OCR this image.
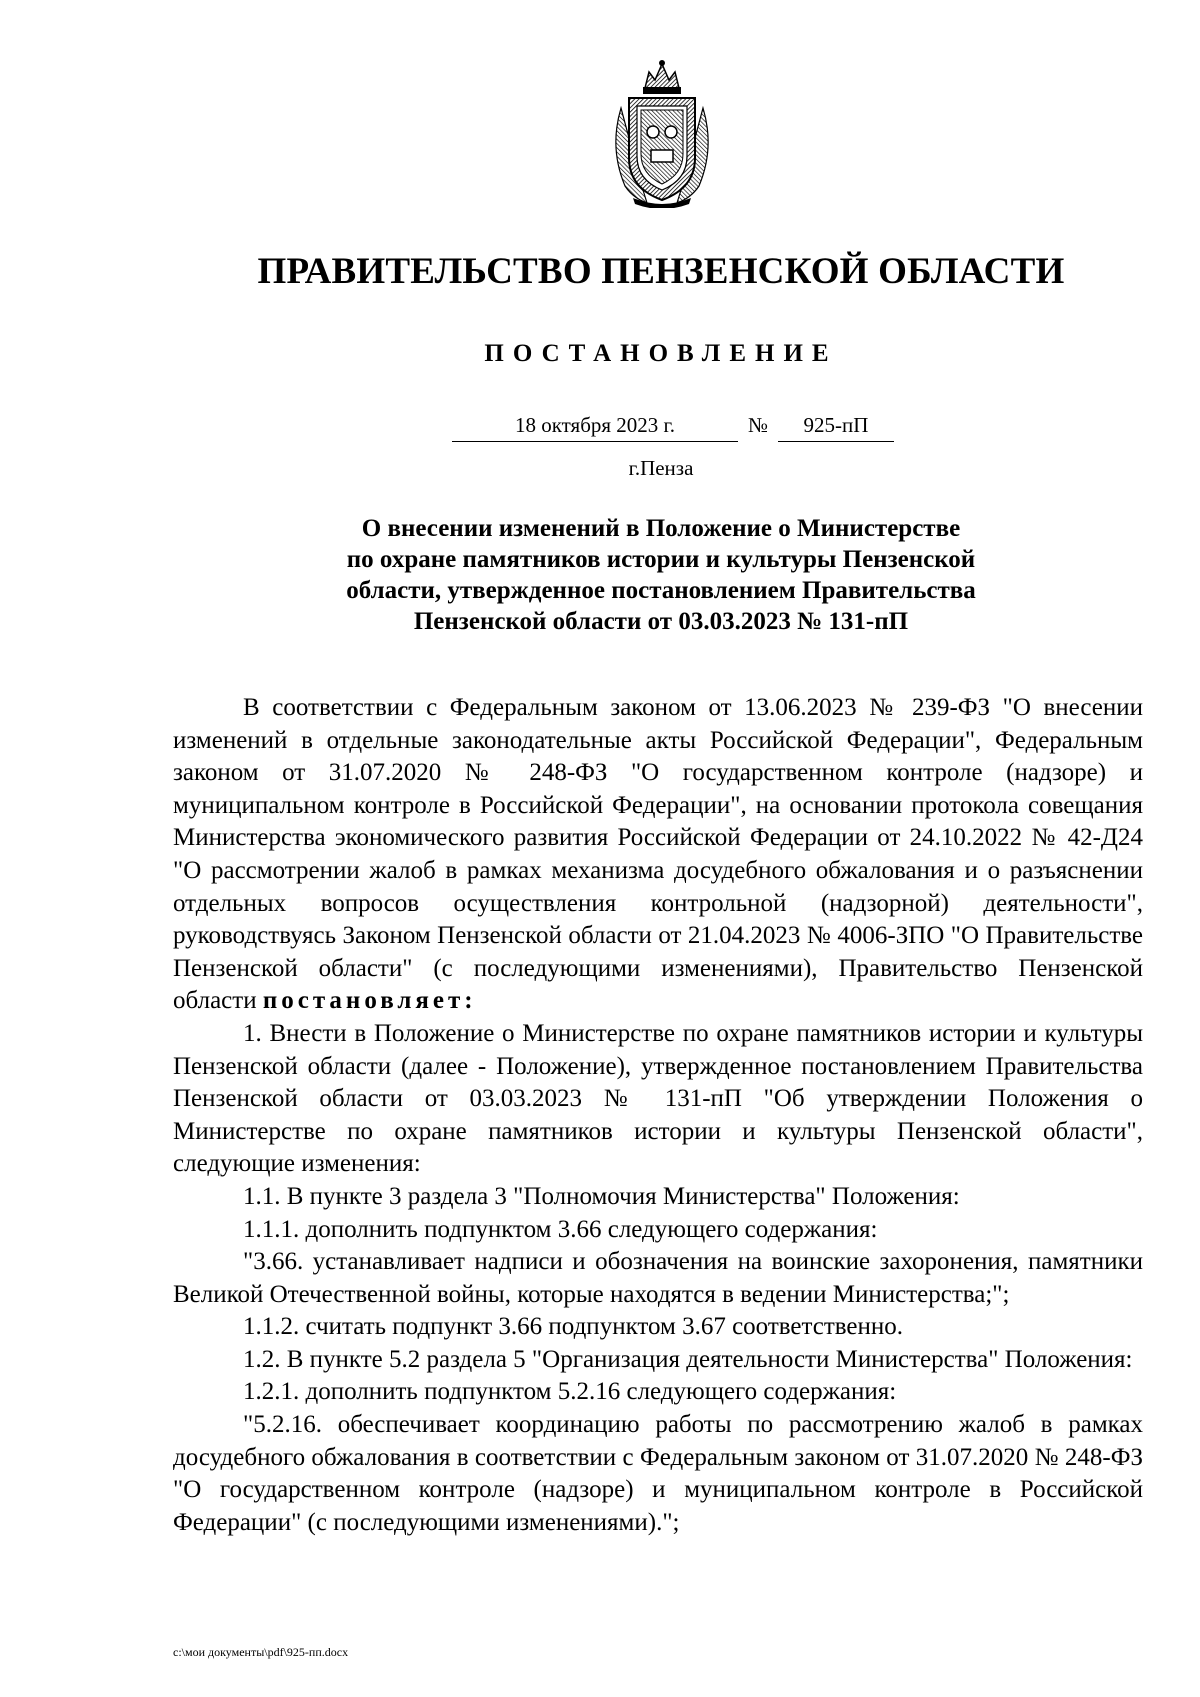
ПРАВИТЕЛЬСТВО ПЕНЗЕНСКОЙ ОБЛАСТИ
ПОСТАНОВЛЕНИЕ
18 октября 2023 г.	№	925-пП
г.Пенза
О внесении изменений в Положение о Министерстве
по охране памятников истории и культуры Пензенской
области, утвержденное постановлением Правительства
Пензенской области от 03.03.2023 № 131-пП

В соответствии с Федеральным законом от 13.06.2023 № 239-ФЗ "О внесении изменений в отдельные законодательные акты Российской Федерации", Федеральным законом от 31.07.2020 № 248-ФЗ "О государственном контроле (надзоре) и муниципальном контроле в Российской Федерации", на основании протокола совещания Министерства экономического развития Российской Федерации от 24.10.2022 № 42-Д24 "О рассмотрении жалоб в рамках механизма досудебного обжалования и о разъяснении отдельных вопросов осуществления контрольной (надзорной) деятельности", руководствуясь Законом Пензенской области от 21.04.2023 № 4006-ЗПО "О Правительстве Пензенской области" (с последующими изменениями), Правительство Пензенской области постановляет:

1. Внести в Положение о Министерстве по охране памятников истории и культуры Пензенской области (далее - Положение), утвержденное постановлением Правительства Пензенской области от 03.03.2023 № 131-пП "Об утверждении Положения о Министерстве по охране памятников истории и культуры Пензенской области", следующие изменения:

1.1. В пункте 3 раздела 3 "Полномочия Министерства" Положения:

1.1.1. дополнить подпунктом 3.66 следующего содержания:

"3.66. устанавливает надписи и обозначения на воинские захоронения, памятники Великой Отечественной войны, которые находятся в ведении Министерства;";

1.1.2. считать подпункт 3.66 подпунктом 3.67 соответственно.

1.2. В пункте 5.2 раздела 5 "Организация деятельности Министерства" Положения:

1.2.1. дополнить подпунктом 5.2.16 следующего содержания:

"5.2.16. обеспечивает координацию работы по рассмотрению жалоб в рамках досудебного обжалования в соответствии с Федеральным законом от 31.07.2020 № 248-ФЗ "О государственном контроле (надзоре) и муниципальном контроле в Российской Федерации" (с последующими изменениями).";

c:\мои документы\pdf\925-пп.docx
